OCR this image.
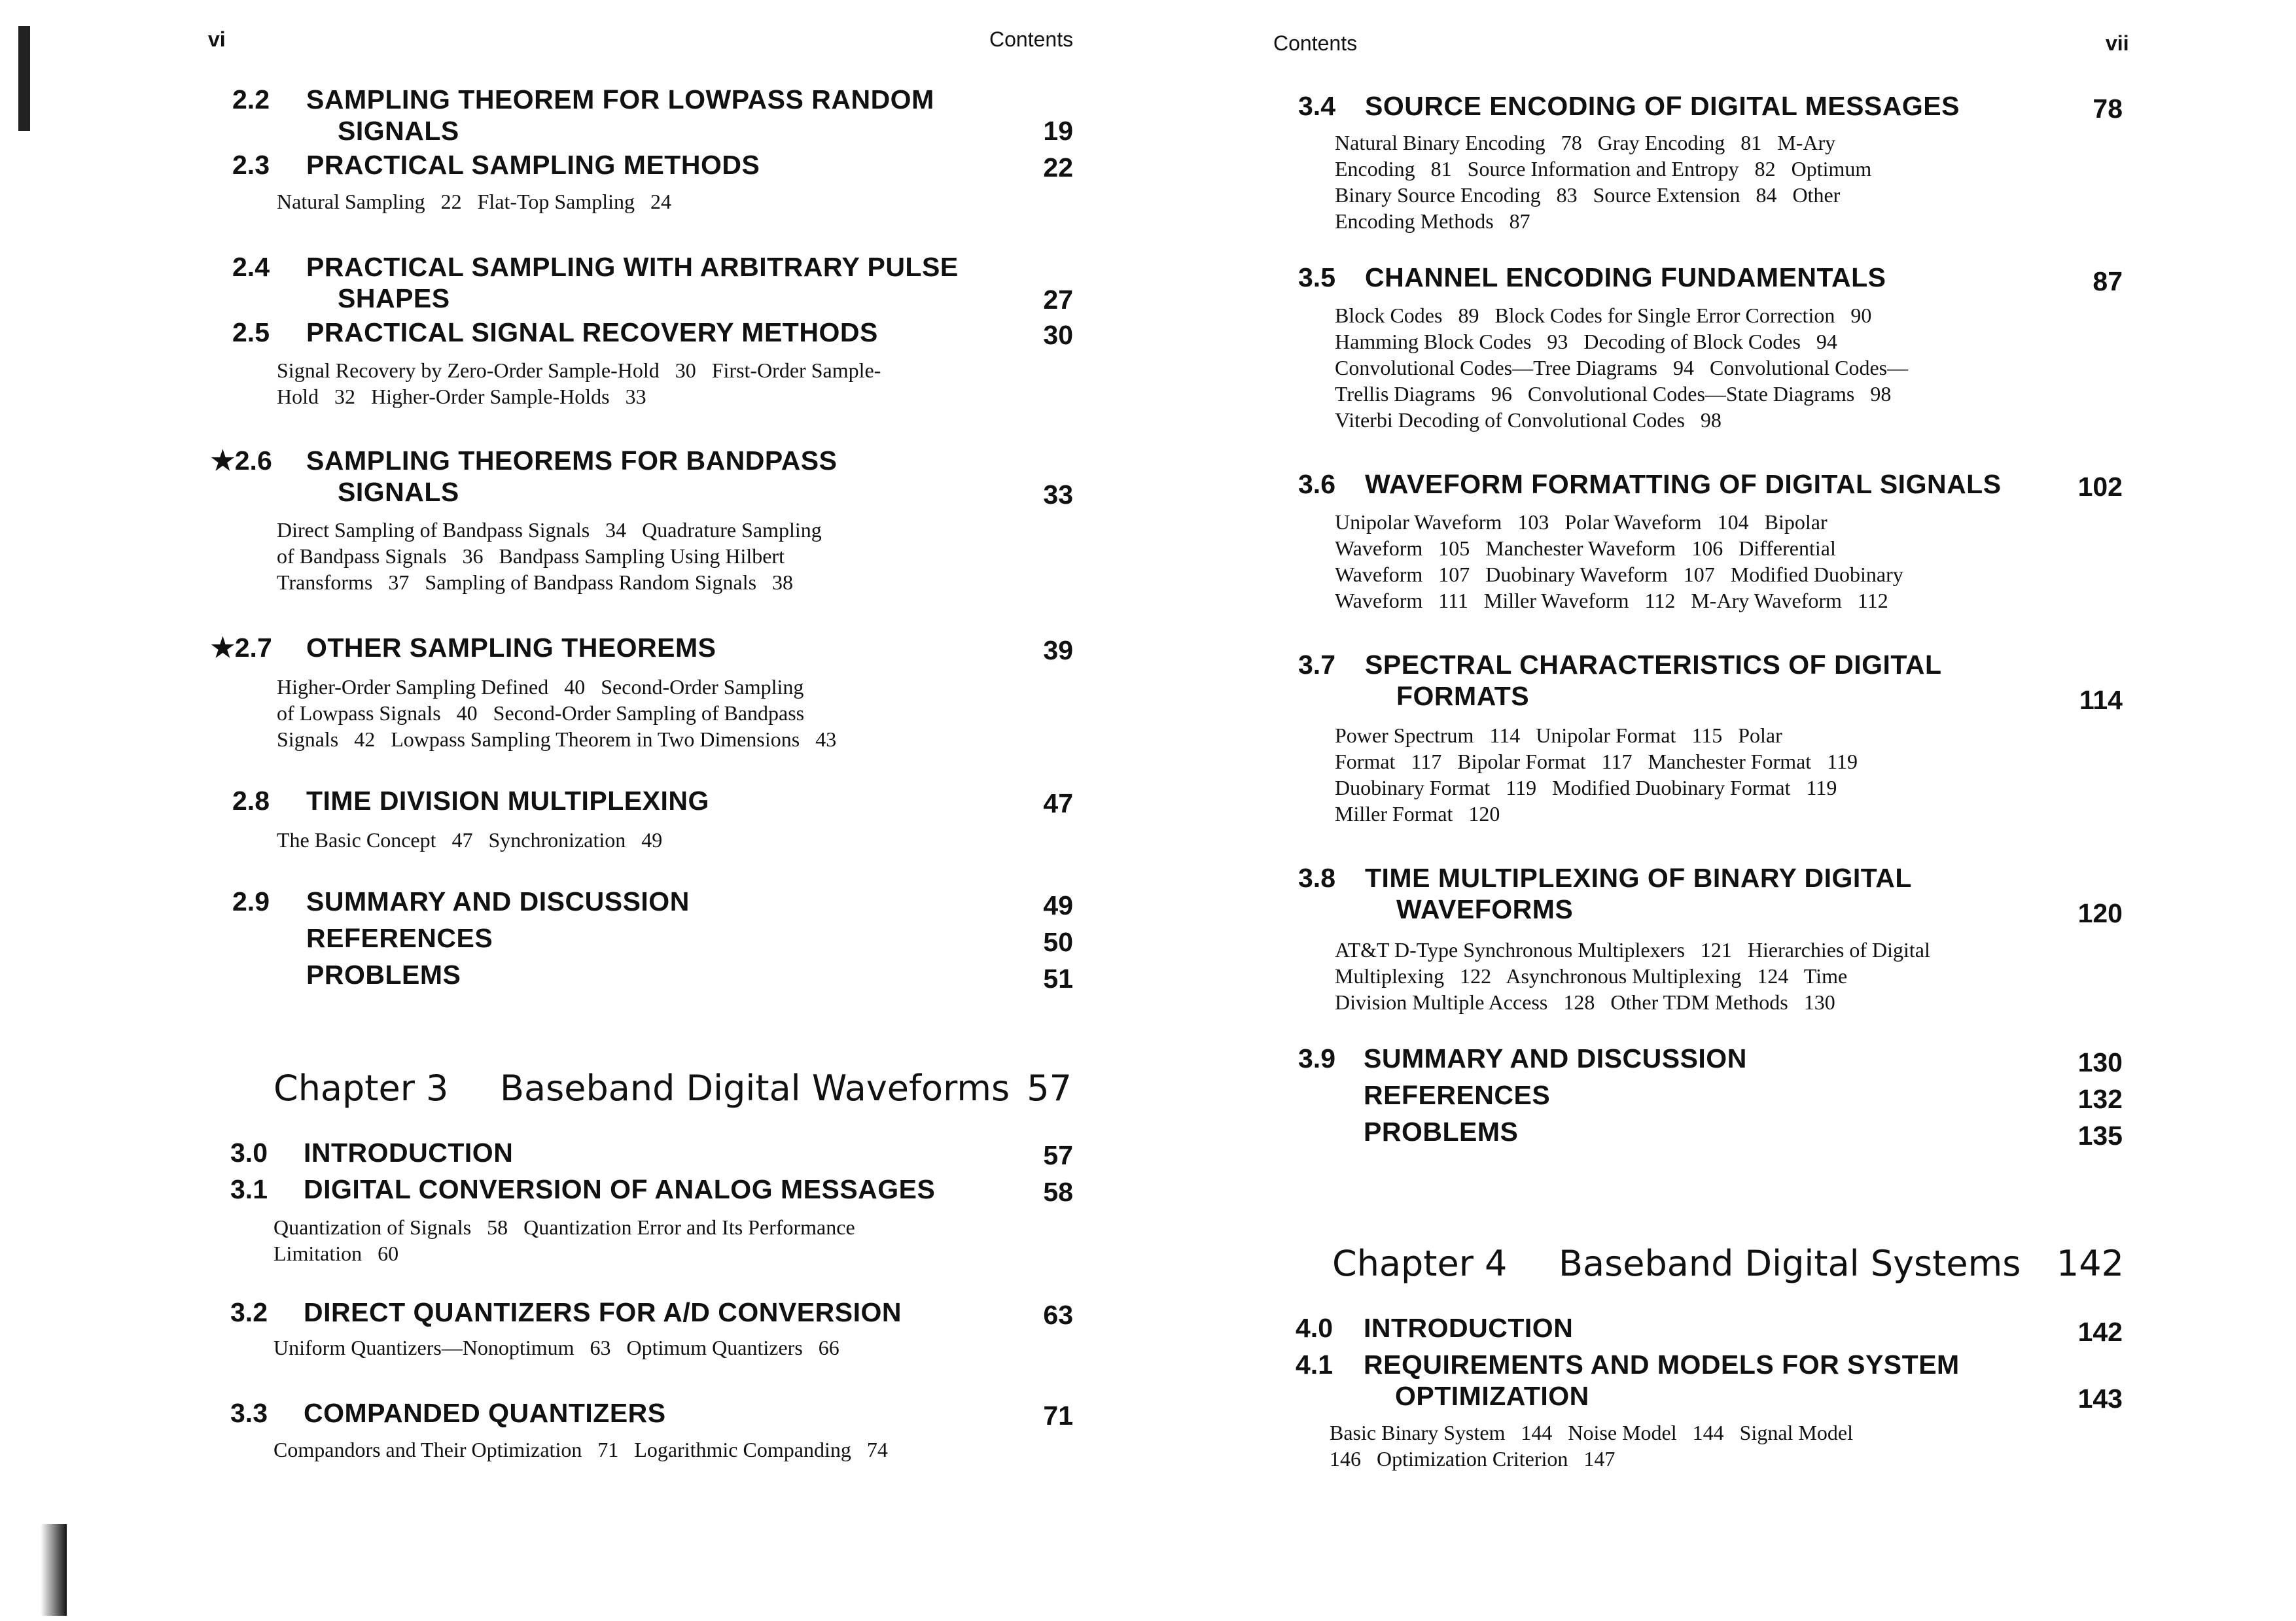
vi	Contents
2.2 SAMPLING THEOREM FOR LOWPASS RANDOM
SIGNALS	19
2.3 PRACTICAL SAMPLING METHODS	22
Natural Sampling   22   Flat-Top Sampling   24
2.4 PRACTICAL SAMPLING WITH ARBITRARY PULSE
SHAPES	27
2.5 PRACTICAL SIGNAL RECOVERY METHODS	30
Signal Recovery by Zero-Order Sample-Hold   30   First-Order Sample-
Hold   32   Higher-Order Sample-Holds   33
★2.6 SAMPLING THEOREMS FOR BANDPASS
SIGNALS	33
Direct Sampling of Bandpass Signals   34   Quadrature Sampling
of Bandpass Signals   36   Bandpass Sampling Using Hilbert
Transforms   37   Sampling of Bandpass Random Signals   38
★2.7 OTHER SAMPLING THEOREMS	39
Higher-Order Sampling Defined   40   Second-Order Sampling
of Lowpass Signals   40   Second-Order Sampling of Bandpass
Signals   42   Lowpass Sampling Theorem in Two Dimensions   43
2.8 TIME DIVISION MULTIPLEXING	47
The Basic Concept   47   Synchronization   49
2.9 SUMMARY AND DISCUSSION	49
REFERENCES	50
PROBLEMS	51
Chapter 3 Baseband Digital Waveforms 57
3.0 INTRODUCTION	57
3.1 DIGITAL CONVERSION OF ANALOG MESSAGES	58
Quantization of Signals   58   Quantization Error and Its Performance
Limitation   60
3.2 DIRECT QUANTIZERS FOR A/D CONVERSION	63
Uniform Quantizers—Nonoptimum   63   Optimum Quantizers   66
3.3 COMPANDED QUANTIZERS	71
Compandors and Their Optimization   71   Logarithmic Companding   74
Contents	vii
3.4 SOURCE ENCODING OF DIGITAL MESSAGES	78
Natural Binary Encoding   78   Gray Encoding   81   M-Ary
Encoding   81   Source Information and Entropy   82   Optimum
Binary Source Encoding   83   Source Extension   84   Other
Encoding Methods   87
3.5 CHANNEL ENCODING FUNDAMENTALS	87
Block Codes   89   Block Codes for Single Error Correction   90
Hamming Block Codes   93   Decoding of Block Codes   94
Convolutional Codes—Tree Diagrams   94   Convolutional Codes—
Trellis Diagrams   96   Convolutional Codes—State Diagrams   98
Viterbi Decoding of Convolutional Codes   98
3.6 WAVEFORM FORMATTING OF DIGITAL SIGNALS	102
Unipolar Waveform   103   Polar Waveform   104   Bipolar
Waveform   105   Manchester Waveform   106   Differential
Waveform   107   Duobinary Waveform   107   Modified Duobinary
Waveform   111   Miller Waveform   112   M-Ary Waveform   112
3.7 SPECTRAL CHARACTERISTICS OF DIGITAL
FORMATS	114
Power Spectrum   114   Unipolar Format   115   Polar
Format   117   Bipolar Format   117   Manchester Format   119
Duobinary Format   119   Modified Duobinary Format   119
Miller Format   120
3.8 TIME MULTIPLEXING OF BINARY DIGITAL
WAVEFORMS	120
AT&T D-Type Synchronous Multiplexers   121   Hierarchies of Digital
Multiplexing   122   Asynchronous Multiplexing   124   Time
Division Multiple Access   128   Other TDM Methods   130
3.9 SUMMARY AND DISCUSSION	130
REFERENCES	132
PROBLEMS	135
Chapter 4 Baseband Digital Systems	142
4.0 INTRODUCTION	142
4.1 REQUIREMENTS AND MODELS FOR SYSTEM
OPTIMIZATION	143
Basic Binary System   144   Noise Model   144   Signal Model
146   Optimization Criterion   147
